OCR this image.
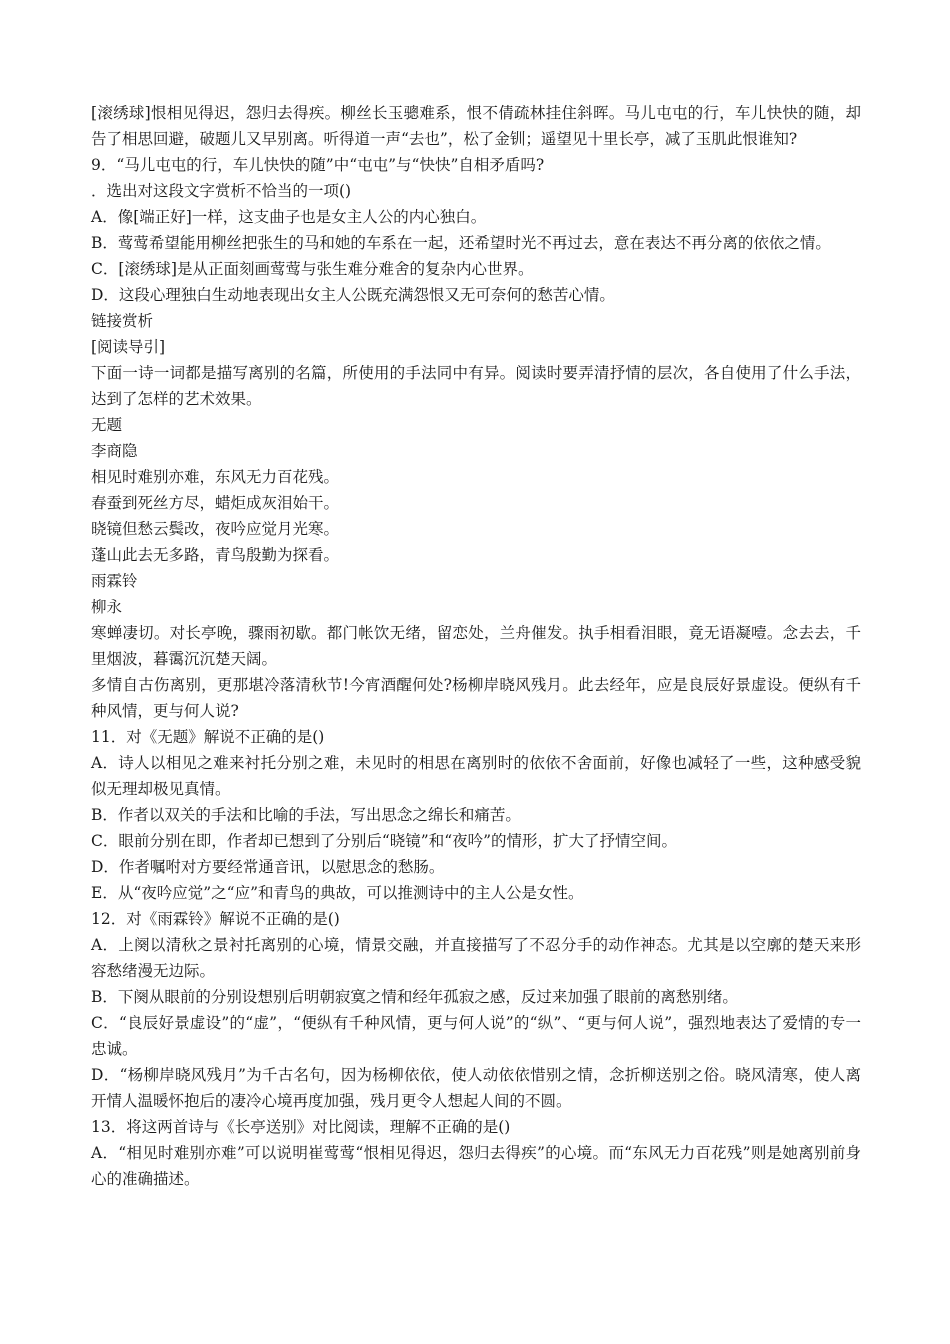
[滚绣球]恨相见得迟，怨归去得疾。柳丝长玉骢难系，恨不倩疏林挂住斜晖。马儿屯屯的行，车儿快快的随，却告了相思回避，破题儿又早别离。听得道一声“去也”，松了金钏；遥望见十里长亭，减了玉肌此恨谁知?

9．“马儿屯屯的行，车儿快快的随”中“屯屯”与“快快”自相矛盾吗?

．选出对这段文字赏析不恰当的一项()

A．像[端正好]一样，这支曲子也是女主人公的内心独白。

B．莺莺希望能用柳丝把张生的马和她的车系在一起，还希望时光不再过去，意在表达不再分离的依依之情。

C．[滚绣球]是从正面刻画莺莺与张生难分难舍的复杂内心世界。

D．这段心理独白生动地表现出女主人公既充满怨恨又无可奈何的愁苦心情。

链接赏析

[阅读导引]

下面一诗一词都是描写离别的名篇，所使用的手法同中有异。阅读时要弄清抒情的层次，各自使用了什么手法，达到了怎样的艺术效果。

无题

李商隐

相见时难别亦难，东风无力百花残。

春蚕到死丝方尽，蜡炬成灰泪始干。

晓镜但愁云鬓改，夜吟应觉月光寒。

蓬山此去无多路，青鸟殷勤为探看。

雨霖铃

柳永

寒蝉凄切。对长亭晚，骤雨初歇。都门帐饮无绪，留恋处，兰舟催发。执手相看泪眼，竟无语凝噎。念去去，千里烟波，暮霭沉沉楚天阔。

多情自古伤离别，更那堪冷落清秋节!今宵酒醒何处?杨柳岸晓风残月。此去经年，应是良辰好景虚设。便纵有千种风情，更与何人说?

11．对《无题》解说不正确的是()

A．诗人以相见之难来衬托分别之难，未见时的相思在离别时的依依不舍面前，好像也减轻了一些，这种感受貌似无理却极见真情。

B．作者以双关的手法和比喻的手法，写出思念之绵长和痛苦。

C．眼前分别在即，作者却已想到了分别后“晓镜”和“夜吟”的情形，扩大了抒情空间。

D．作者嘱咐对方要经常通音讯，以慰思念的愁肠。

E．从“夜吟应觉”之“应”和青鸟的典故，可以推测诗中的主人公是女性。

12．对《雨霖铃》解说不正确的是()

A．上阕以清秋之景衬托离别的心境，情景交融，并直接描写了不忍分手的动作神态。尤其是以空廓的楚天来形容愁绪漫无边际。

B．下阕从眼前的分别设想别后明朝寂寞之情和经年孤寂之感，反过来加强了眼前的离愁别绪。

C．“良辰好景虚设”的“虚”，“便纵有千种风情，更与何人说”的“纵”、“更与何人说”，强烈地表达了爱情的专一忠诚。

D．“杨柳岸晓风残月”为千古名句，因为杨柳依依，使人动依依惜别之情，念折柳送别之俗。晓风清寒，使人离开情人温暖怀抱后的凄冷心境再度加强，残月更令人想起人间的不圆。

13．将这两首诗与《长亭送别》对比阅读，理解不正确的是()

A．“相见时难别亦难”可以说明崔莺莺“恨相见得迟，怨归去得疾”的心境。而“东风无力百花残”则是她离别前身心的准确描述。
